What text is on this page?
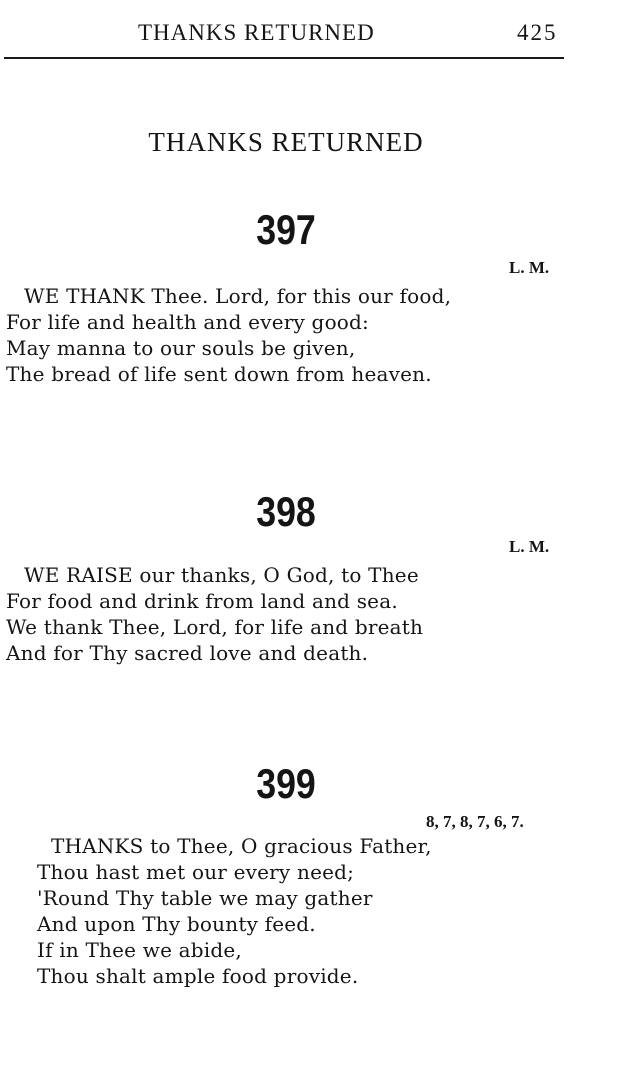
THANKS RETURNED	425
THANKS RETURNED
397
L. M.
WE THANK Thee. Lord, for this our food,
For life and health and every good:
May manna to our souls be given,
The bread of life sent down from heaven.
398
L. M.
WE RAISE our thanks, O God, to Thee
For food and drink from land and sea.
We thank Thee, Lord, for life and breath
And for Thy sacred love and death.
399
8, 7, 8, 7, 6, 7.
THANKS to Thee, O gracious Father,
Thou hast met our every need;
'Round Thy table we may gather
And upon Thy bounty feed.
If in Thee we abide,
Thou shalt ample food provide.
